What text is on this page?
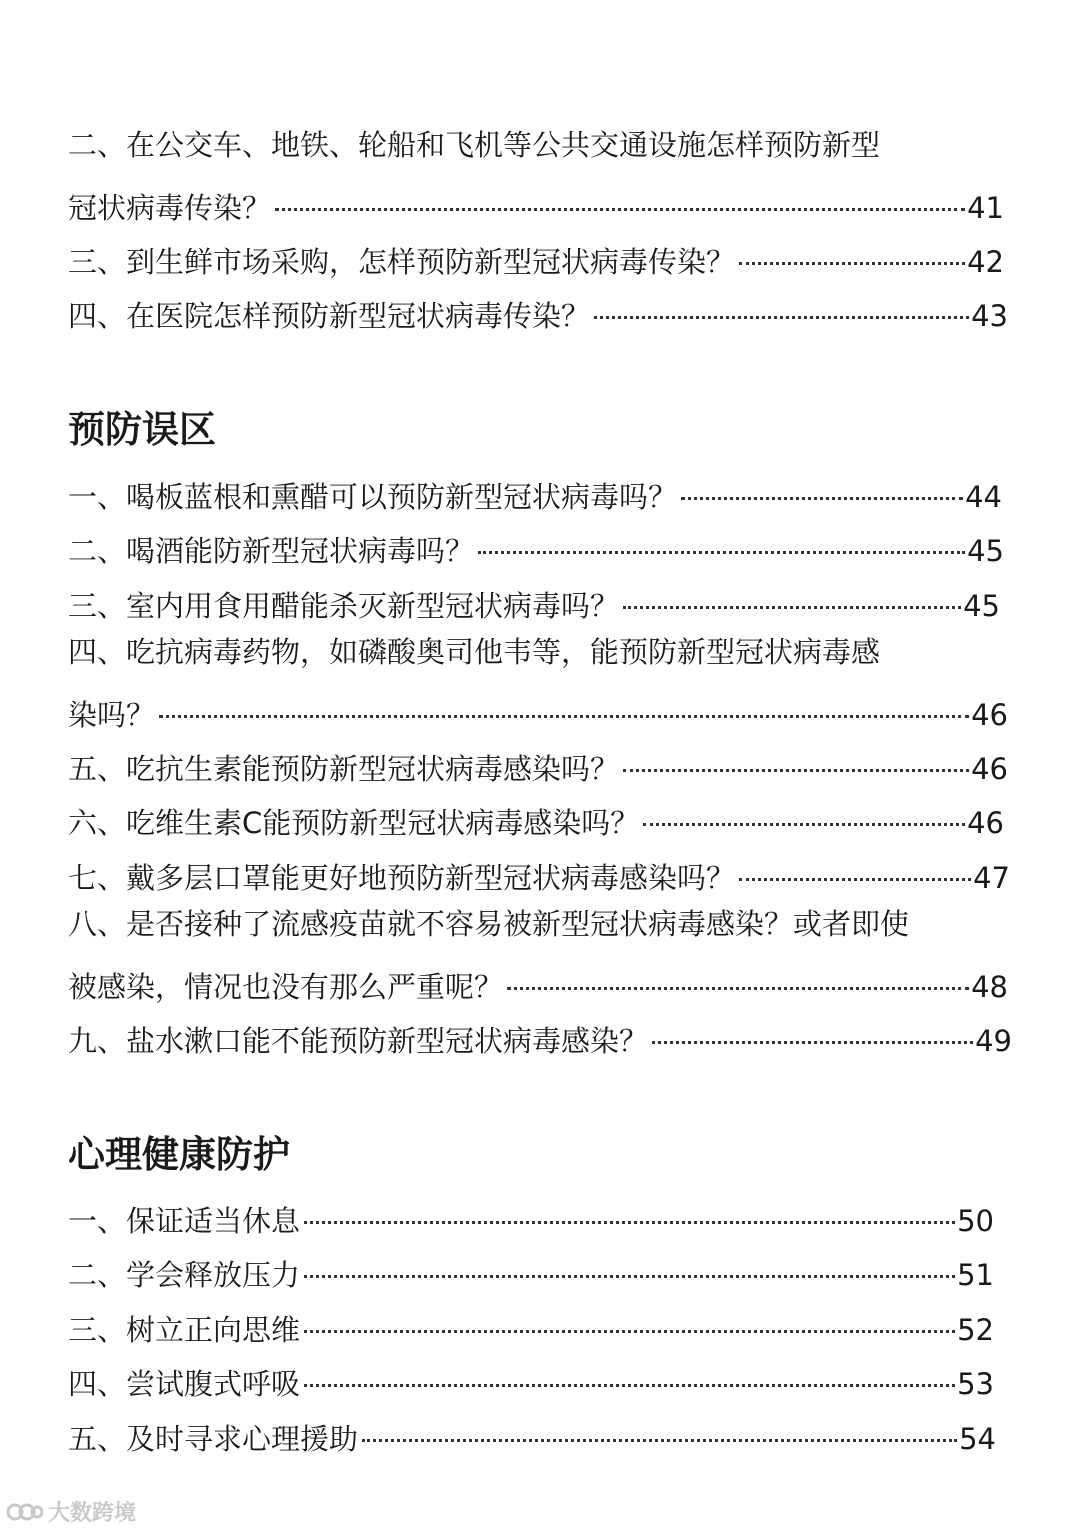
二、在公交车、地铁、轮船和飞机等公共交通设施怎样预防新型
冠状病毒传染？	41
三、到生鲜市场采购，怎样预防新型冠状病毒传染？	42
四、在医院怎样预防新型冠状病毒传染？	43
预防误区
一、喝板蓝根和熏醋可以预防新型冠状病毒吗？	44
二、喝酒能防新型冠状病毒吗？	45
三、室内用食用醋能杀灭新型冠状病毒吗？	45
四、吃抗病毒药物，如磷酸奥司他韦等，能预防新型冠状病毒感
染吗？	46
五、吃抗生素能预防新型冠状病毒感染吗？	46
六、吃维生素C能预防新型冠状病毒感染吗？	46
七、戴多层口罩能更好地预防新型冠状病毒感染吗？	47
八、是否接种了流感疫苗就不容易被新型冠状病毒感染？或者即使
被感染，情况也没有那么严重呢？	48
九、盐水漱口能不能预防新型冠状病毒感染？	49
心理健康防护
一、保证适当休息	50
二、学会释放压力	51
三、树立正向思维	52
四、尝试腹式呼吸	53
五、及时寻求心理援助	54
大数跨境
